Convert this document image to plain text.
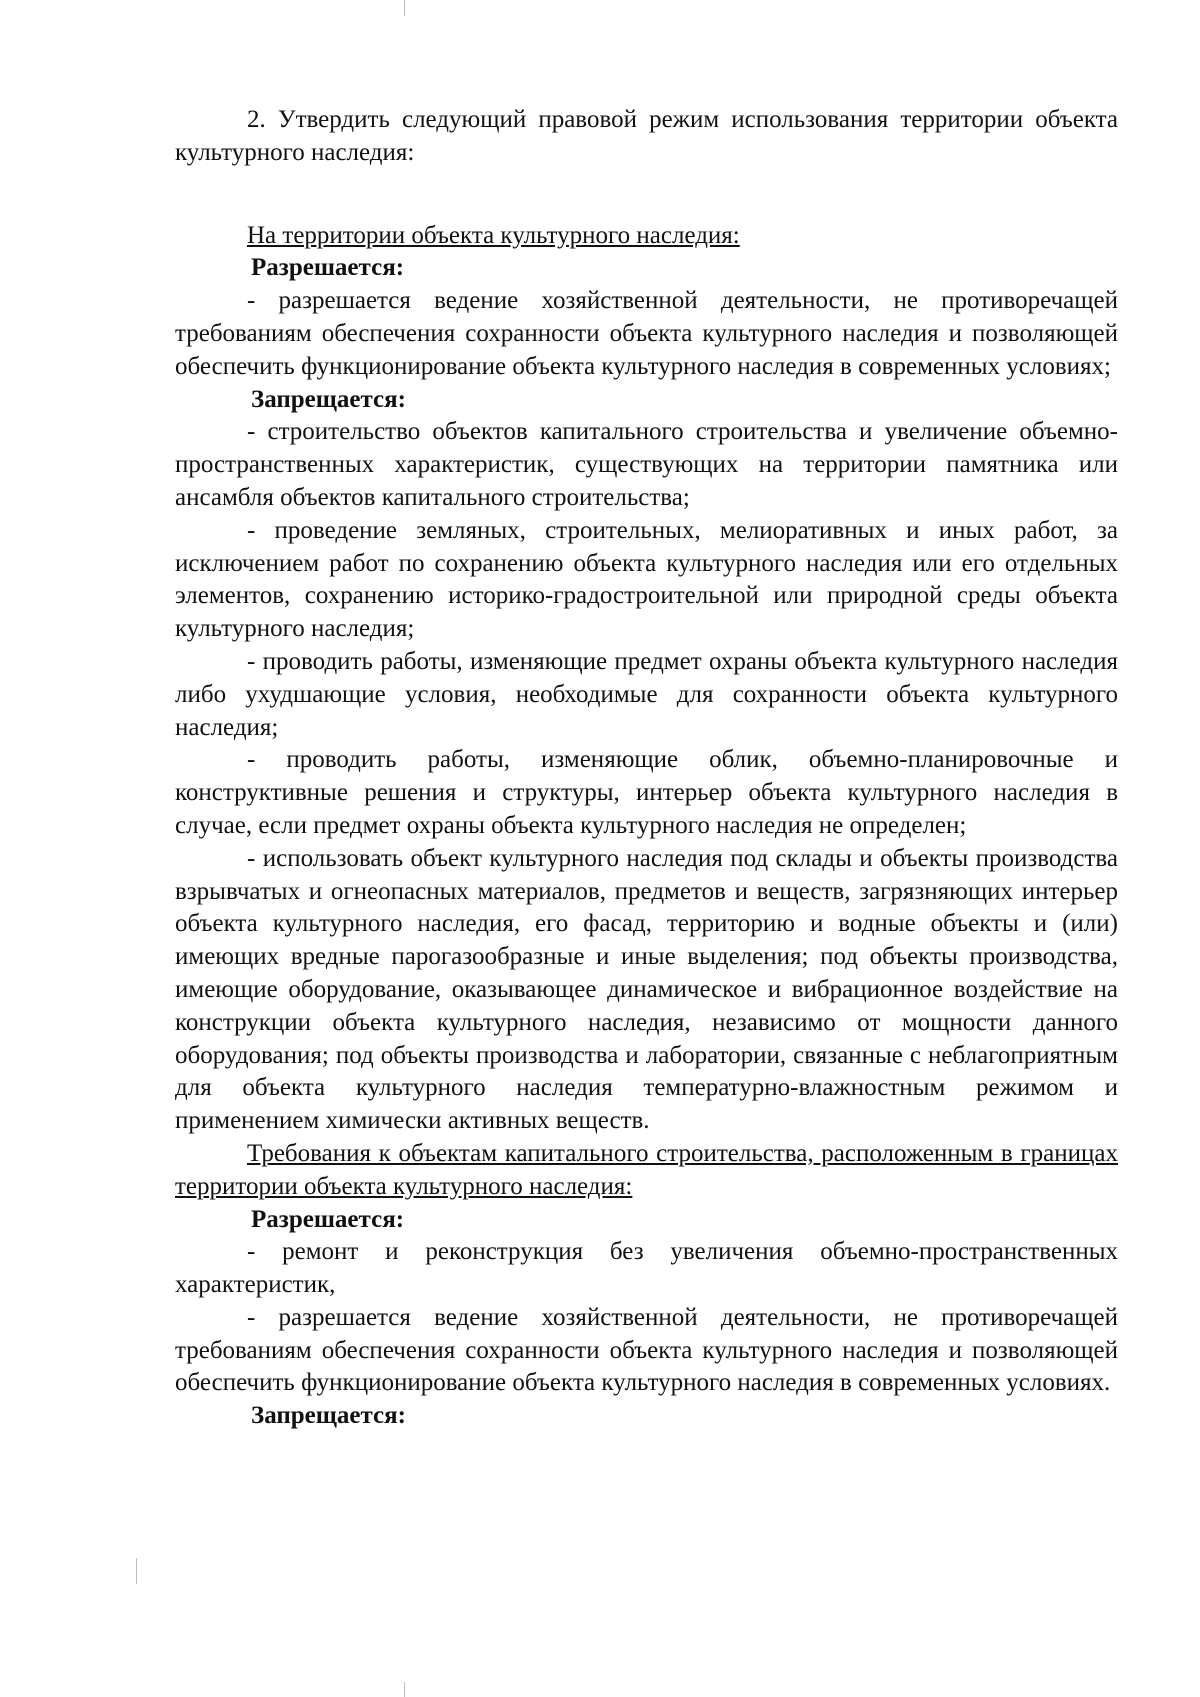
2. Утвердить следующий правовой режим использования территории объекта культурного наследия:

На территории объекта культурного наследия:

Разрешается:

- разрешается ведение хозяйственной деятельности, не противоречащей требованиям обеспечения сохранности объекта культурного наследия и позволяющей обеспечить функционирование объекта культурного наследия в современных условиях;

Запрещается:

- строительство объектов капитального строительства и увеличение объемно-пространственных характеристик, существующих на территории памятника или ансамбля объектов капитального строительства;

- проведение земляных, строительных, мелиоративных и иных работ, за исключением работ по сохранению объекта культурного наследия или его отдельных элементов, сохранению историко-градостроительной или природной среды объекта культурного наследия;

- проводить работы, изменяющие предмет охраны объекта культурного наследия либо ухудшающие условия, необходимые для сохранности объекта культурного наследия;

- проводить работы, изменяющие облик, объемно-планировочные и конструктивные решения и структуры, интерьер объекта культурного наследия в случае, если предмет охраны объекта культурного наследия не определен;

- использовать объект культурного наследия под склады и объекты производства взрывчатых и огнеопасных материалов, предметов и веществ, загрязняющих интерьер объекта культурного наследия, его фасад, территорию и водные объекты и (или) имеющих вредные парогазообразные и иные выделения; под объекты производства, имеющие оборудование, оказывающее динамическое и вибрационное воздействие на конструкции объекта культурного наследия, независимо от мощности данного оборудования; под объекты производства и лаборатории, связанные с неблагоприятным для объекта культурного наследия температурно-влажностным режимом и применением химически активных веществ.

Требования к объектам капитального строительства, расположенным в границах территории объекта культурного наследия:

Разрешается:

- ремонт и реконструкция без увеличения объемно-пространственных характеристик,

- разрешается ведение хозяйственной деятельности, не противоречащей требованиям обеспечения сохранности объекта культурного наследия и позволяющей обеспечить функционирование объекта культурного наследия в современных условиях.

Запрещается:
